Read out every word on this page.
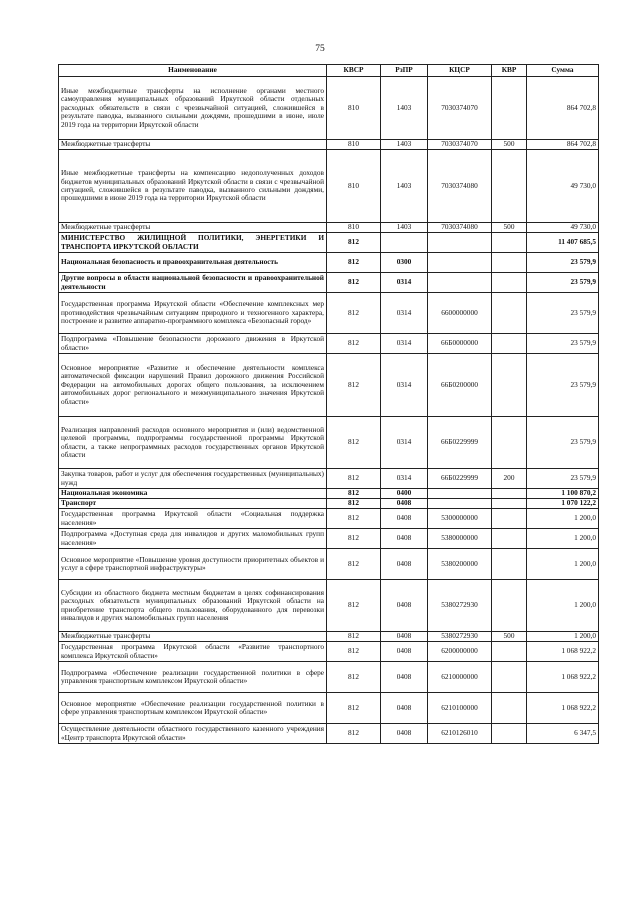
75
Наименование	КВСР	РзПР	КЦСР	КВР	Сумма
Иные межбюджетные трансферты на исполнение органами местного самоуправления муниципальных образований Иркутской области отдельных расходных обязательств в связи с чрезвычайной ситуацией, сложившейся в результате паводка, вызванного сильными дождями, прошедшими в июне, июле 2019 года на территории Иркутской области	810	1403	7030374070		864 702,8
Межбюджетные трансферты	810	1403	7030374070	500	864 702,8
Иные межбюджетные трансферты на компенсацию недополученных доходов бюджетов муниципальных образований Иркутской области в связи с чрезвычайной ситуацией, сложившейся в результате паводка, вызванного сильными дождями, прошедшими в июне 2019 года на территории Иркутской области	810	1403	7030374080		49 730,0
Межбюджетные трансферты	810	1403	7030374080	500	49 730,0
МИНИСТЕРСТВО ЖИЛИЩНОЙ ПОЛИТИКИ, ЭНЕРГЕТИКИ И ТРАНСПОРТА ИРКУТСКОЙ ОБЛАСТИ	812				11 407 685,5
Национальная безопасность и правоохранительная деятельность	812	0300			23 579,9
Другие вопросы в области национальной безопасности и правоохранительной деятельности	812	0314			23 579,9
Государственная программа Иркутской области «Обеспечение комплексных мер противодействия чрезвычайным ситуациям природного и техногенного характера, построение и развитие аппаратно-программного комплекса «Безопасный город»	812	0314	6600000000		23 579,9
Подпрограмма «Повышение безопасности дорожного движения в Иркутской области»	812	0314	66Б0000000		23 579,9
Основное мероприятие «Развитие и обеспечение деятельности комплекса автоматической фиксации нарушений Правил дорожного движения Российской Федерации на автомобильных дорогах общего пользования, за исключением автомобильных дорог регионального и межмуниципального значения Иркутской области»	812	0314	66Б0200000		23 579,9
Реализация направлений расходов основного мероприятия и (или) ведомственной целевой программы, подпрограммы государственной программы Иркутской области, а также непрограммных расходов государственных органов Иркутской области	812	0314	66Б0229999		23 579,9
Закупка товаров, работ и услуг для обеспечения государственных (муниципальных) нужд	812	0314	66Б0229999	200	23 579,9
Национальная экономика	812	0400			1 100 870,2
Транспорт	812	0408			1 070 122,2
Государственная программа Иркутской области «Социальная поддержка населения»	812	0408	5300000000		1 200,0
Подпрограмма «Доступная среда для инвалидов и других маломобильных групп населения»	812	0408	5380000000		1 200,0
Основное мероприятие «Повышение уровня доступности приоритетных объектов и услуг в сфере транспортной инфраструктуры»	812	0408	5380200000		1 200,0
Субсидии из областного бюджета местным бюджетам в целях софинансирования расходных обязательств муниципальных образований Иркутской области на приобретение транспорта общего пользования, оборудованного для перевозки инвалидов и других маломобильных групп населения	812	0408	5380272930		1 200,0
Межбюджетные трансферты	812	0408	5380272930	500	1 200,0
Государственная программа Иркутской области «Развитие транспортного комплекса Иркутской области»	812	0408	6200000000		1 068 922,2
Подпрограмма «Обеспечение реализации государственной политики в сфере управления транспортным комплексом Иркутской области»	812	0408	6210000000		1 068 922,2
Основное мероприятие «Обеспечение реализации государственной политики в сфере управления транспортным комплексом Иркутской области»	812	0408	6210100000		1 068 922,2
Осуществление деятельности областного государственного казенного учреждения «Центр транспорта Иркутской области»	812	0408	6210126010		6 347,5
